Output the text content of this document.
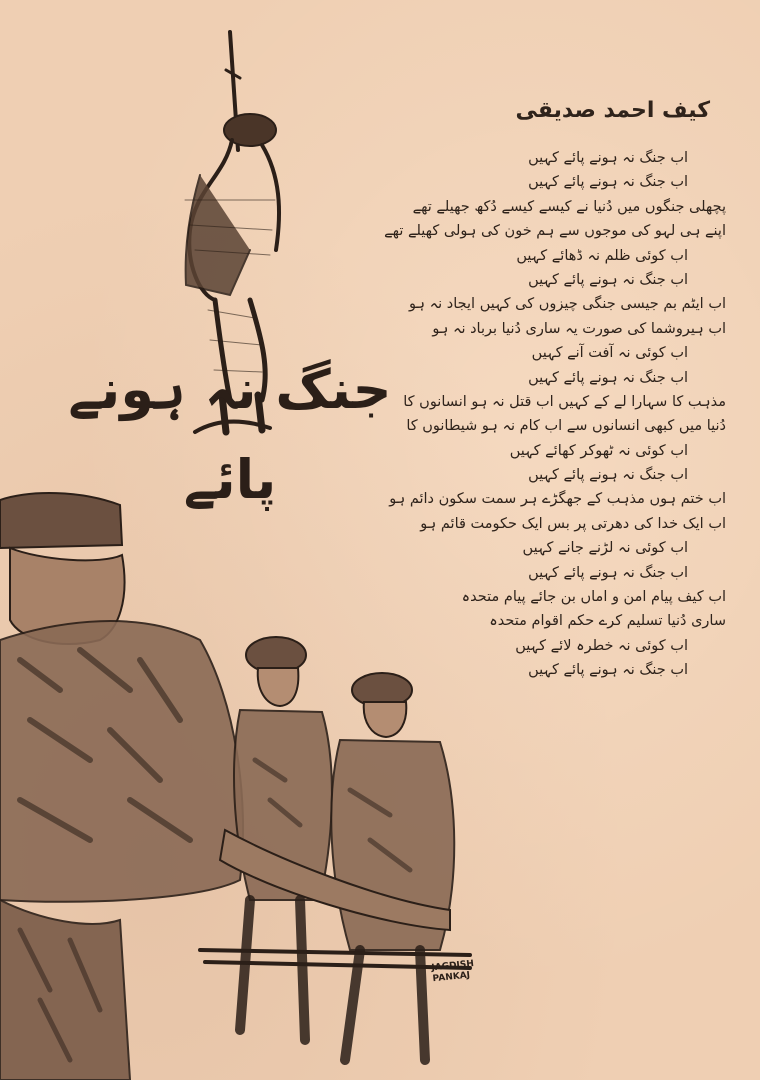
جنگ نہ ہونے پائے
کیف احمد صدیقی
اب جنگ نہ ہونے پائے کہیں
اب جنگ نہ ہونے پائے کہیں
پچھلی جنگوں میں دُنیا نے کیسے کیسے دُکھ جھیلے تھے
اپنے ہی لہو کی موجوں سے ہم خون کی ہولی کھیلے تھے
اب کوئی ظلم نہ ڈھائے کہیں
اب جنگ نہ ہونے پائے کہیں
اب ایٹم بم جیسی جنگی چیزوں کی کہیں ایجاد نہ ہو
اب ہیروشما کی صورت یہ ساری دُنیا برباد نہ ہو
اب کوئی نہ آفت آنے کہیں
اب جنگ نہ ہونے پائے کہیں
مذہب کا سہارا لے کے کہیں اب قتل نہ ہو انسانوں کا
دُنیا میں کبھی انسانوں سے اب کام نہ ہو شیطانوں کا
اب کوئی نہ ٹھوکر کھائے کہیں
اب جنگ نہ ہونے پائے کہیں
اب ختم ہوں مذہب کے جھگڑے ہر سمت سکون دائم ہو
اب ایک خدا کی دھرتی پر بس ایک حکومت قائم ہو
اب کوئی نہ لڑنے جانے کہیں
اب جنگ نہ ہونے پائے کہیں
اب کیف پیام امن و اماں بن جائے پیام متحدہ
ساری دُنیا تسلیم کرے حکم اقوام متحدہ
اب کوئی نہ خطرہ لائے کہیں
اب جنگ نہ ہونے پائے کہیں
JAGDISH PANKAJ
